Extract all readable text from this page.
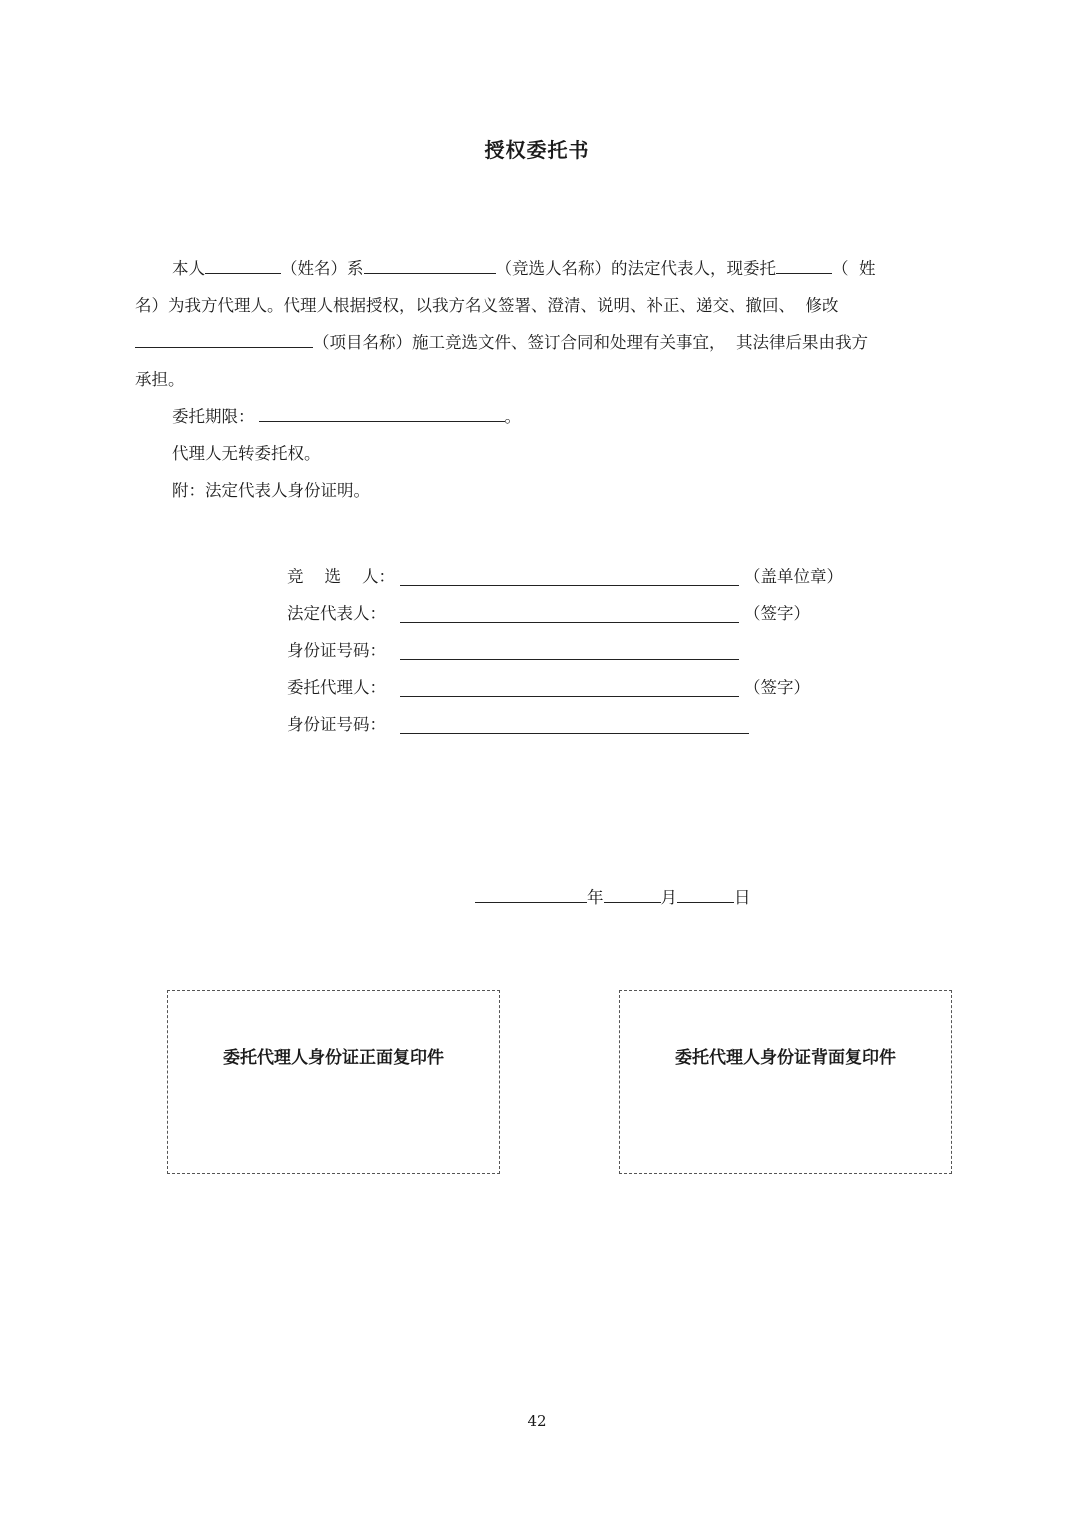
授权委托书
本人	（姓名）系	（竞选人名称）的法定代表人，现委托	（  姓
名）为我方代理人。代理人根据授权，以我方名义签署、澄清、说明、补正、递交、撤回、  修改
（项目名称）施工竞选文件、签订合同和处理有关事宜，  其法律后果由我方
承担。
委托期限：	。
代理人无转委托权。
附：法定代表人身份证明。
竞    选    人：	（盖单位章）
法定代表人：	（签字）
身份证号码：
委托代理人：	（签字）
身份证号码：
年	月	日
委托代理人身份证正面复印件	委托代理人身份证背面复印件
42
